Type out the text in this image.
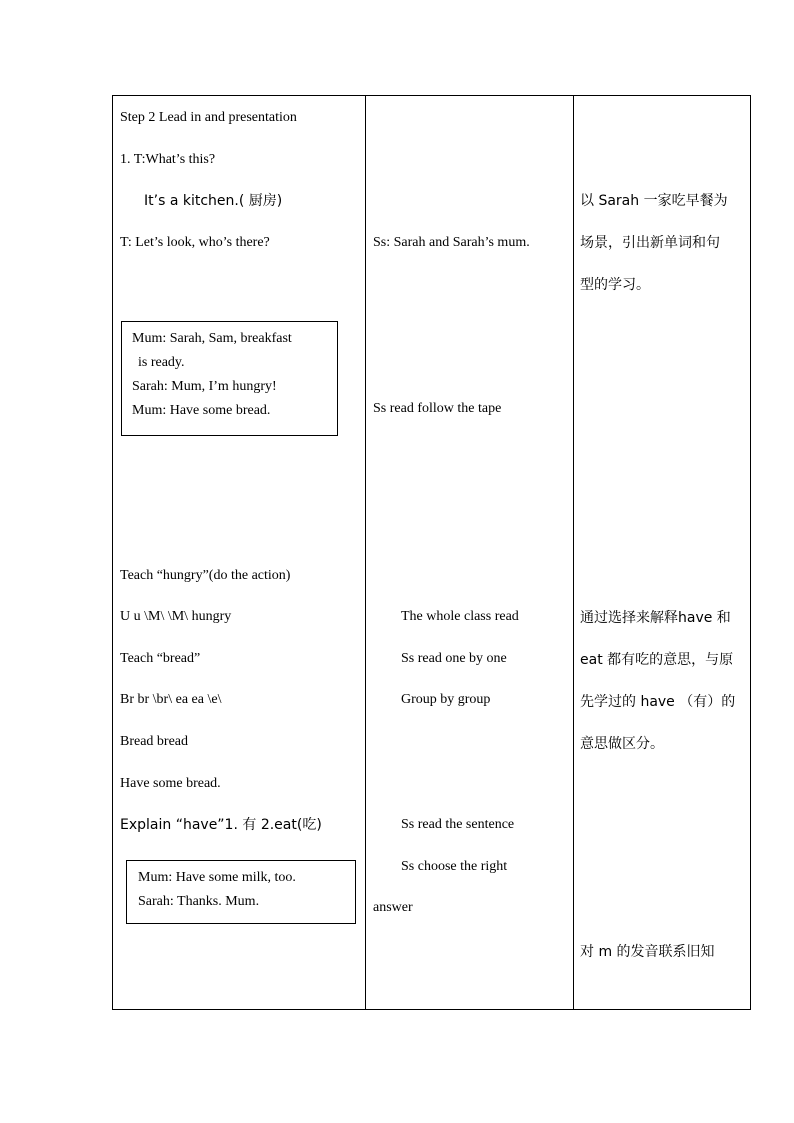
Step 2 Lead in and presentation
1. T:What’s this?
It’s a kitchen.( 厨房)
T: Let’s look, who’s there?
Mum: Sarah, Sam, breakfast
is ready.
Sarah: Mum, I’m hungry!
Mum: Have some bread.
Teach “hungry”(do the action)
U u \M\ \M\ hungry
Teach “bread”
Br br \br\ ea ea \e\
Bread bread
Have some bread.
Explain “have”1. 有 2.eat(吃)
Mum: Have some milk, too.
Sarah: Thanks. Mum.
Ss: Sarah and Sarah’s mum.
Ss read follow the tape
The whole class read
Ss read one by one
Group by group
Ss read the sentence
Ss choose the right
answer
以 Sarah 一家吃早餐为
场景，引出新单词和句
型的学习。
通过选择来解释have 和
eat 都有吃的意思，与原
先学过的 have （有）的
意思做区分。
对 m 的发音联系旧知
